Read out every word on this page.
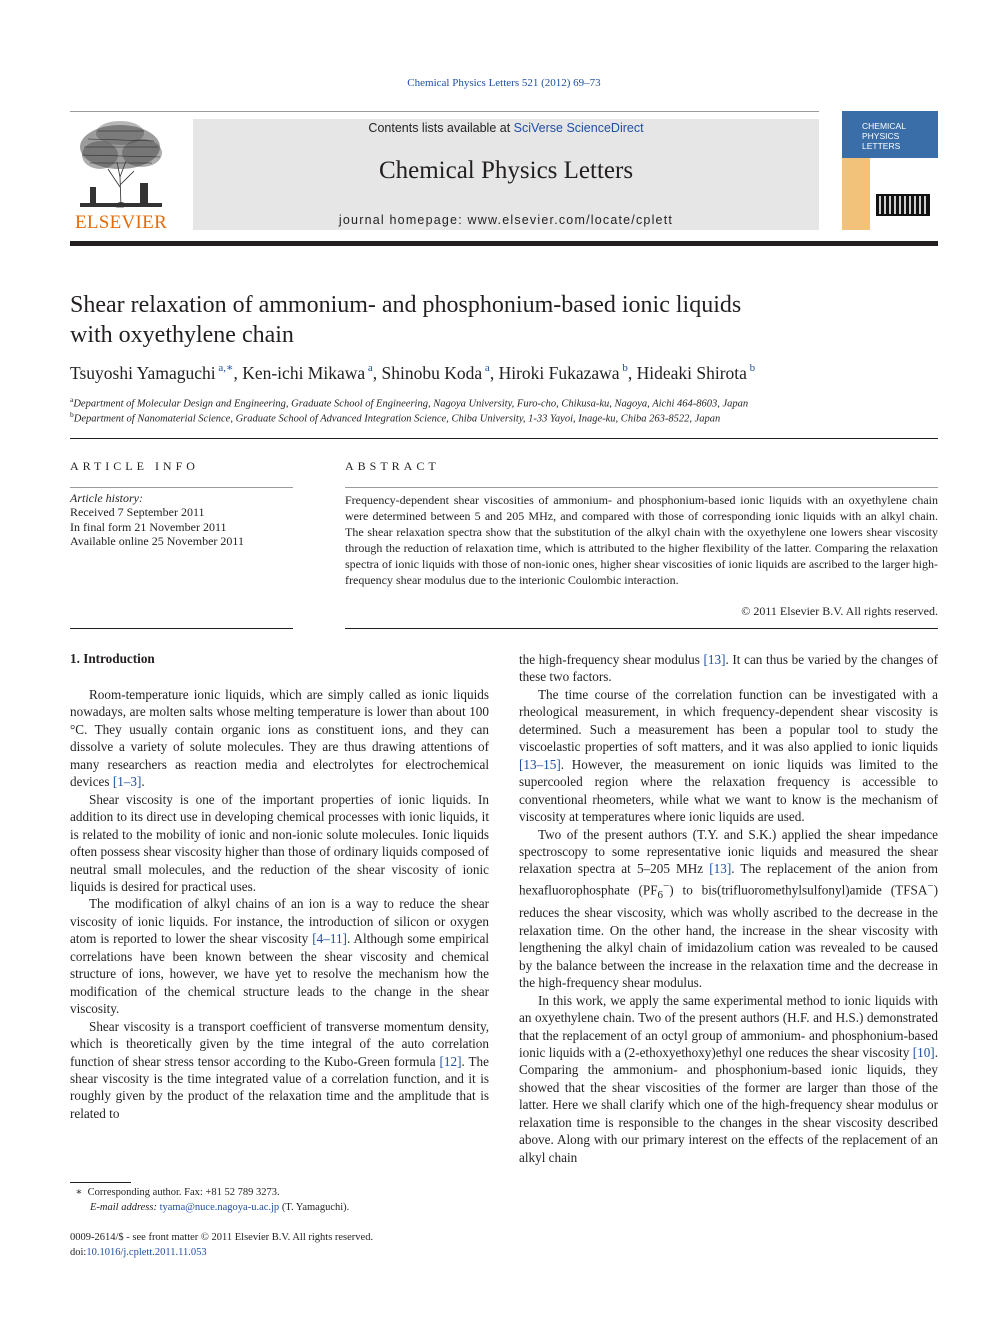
Chemical Physics Letters 521 (2012) 69–73
ELSEVIER
Contents lists available at SciVerse ScienceDirect
Chemical Physics Letters
journal homepage: www.elsevier.com/locate/cplett
CHEMICAL
PHYSICS
LETTERS
Shear relaxation of ammonium- and phosphonium-based ionic liquids
with oxyethylene chain
Tsuyoshi Yamaguchi $^{a,∗}$, Ken-ichi Mikawa $^a$, Shinobu Koda $^a$, Hiroki Fukazawa $^b$, Hideaki Shirota $^b$
$^a$Department of Molecular Design and Engineering, Graduate School of Engineering, Nagoya University, Furo-cho, Chikusa-ku, Nagoya, Aichi 464-8603, Japan
$^b$Department of Nanomaterial Science, Graduate School of Advanced Integration Science, Chiba University, 1-33 Yayoi, Inage-ku, Chiba 263-8522, Japan
ARTICLE INFO
Article history:
Received 7 September 2011
In final form 21 November 2011
Available online 25 November 2011
ABSTRACT
Frequency-dependent shear viscosities of ammonium- and phosphonium-based ionic liquids with an oxyethylene chain were determined between 5 and 205 MHz, and compared with those of corresponding ionic liquids with an alkyl chain. The shear relaxation spectra show that the substitution of the alkyl chain with the oxyethylene one lowers shear viscosity through the reduction of relaxation time, which is attributed to the higher flexibility of the latter. Comparing the relaxation spectra of ionic liquids with those of non-ionic ones, higher shear viscosities of ionic liquids are ascribed to the larger high-frequency shear modulus due to the interionic Coulombic interaction.
© 2011 Elsevier B.V. All rights reserved.
1. Introduction

Room-temperature ionic liquids, which are simply called as ionic liquids nowadays, are molten salts whose melting temperature is lower than about 100 °C. They usually contain organic ions as constituent ions, and they can dissolve a variety of solute molecules. They are thus drawing attentions of many researchers as reaction media and electrolytes for electrochemical devices [1–3].

Shear viscosity is one of the important properties of ionic liquids. In addition to its direct use in developing chemical processes with ionic liquids, it is related to the mobility of ionic and non-ionic solute molecules. Ionic liquids often possess shear viscosity higher than those of ordinary liquids composed of neutral small molecules, and the reduction of the shear viscosity of ionic liquids is desired for practical uses.

The modification of alkyl chains of an ion is a way to reduce the shear viscosity of ionic liquids. For instance, the introduction of silicon or oxygen atom is reported to lower the shear viscosity [4–11]. Although some empirical correlations have been known between the shear viscosity and chemical structure of ions, however, we have yet to resolve the mechanism how the modification of the chemical structure leads to the change in the shear viscosity.

Shear viscosity is a transport coefficient of transverse momentum density, which is theoretically given by the time integral of the auto correlation function of shear stress tensor according to the Kubo-Green formula [12]. The shear viscosity is the time integrated value of a correlation function, and it is roughly given by the product of the relaxation time and the amplitude that is related to

the high-frequency shear modulus [13]. It can thus be varied by the changes of these two factors.

The time course of the correlation function can be investigated with a rheological measurement, in which frequency-dependent shear viscosity is determined. Such a measurement has been a popular tool to study the viscoelastic properties of soft matters, and it was also applied to ionic liquids [13–15]. However, the measurement on ionic liquids was limited to the supercooled region where the relaxation frequency is accessible to conventional rheometers, while what we want to know is the mechanism of viscosity at temperatures where ionic liquids are used.

Two of the present authors (T.Y. and S.K.) applied the shear impedance spectroscopy to some representative ionic liquids and measured the shear relaxation spectra at 5–205 MHz [13]. The replacement of the anion from hexafluorophosphate $(PF_6^-)$ to bis(trifluoromethylsulfonyl)amide (TFSA−) reduces the shear viscosity, which was wholly ascribed to the decrease in the relaxation time. On the other hand, the increase in the shear viscosity with lengthening the alkyl chain of imidazolium cation was revealed to be caused by the balance between the increase in the relaxation time and the decrease in the high-frequency shear modulus.

In this work, we apply the same experimental method to ionic liquids with an oxyethylene chain. Two of the present authors (H.F. and H.S.) demonstrated that the replacement of an octyl group of ammonium- and phosphonium-based ionic liquids with a (2-ethoxyethoxy)ethyl one reduces the shear viscosity [10]. Comparing the ammonium- and phosphonium-based ionic liquids, they showed that the shear viscosities of the former are larger than those of the latter. Here we shall clarify which one of the high-frequency shear modulus or relaxation time is responsible to the changes in the shear viscosity described above. Along with our primary interest on the effects of the replacement of an alkyl chain

∗ Corresponding author. Fax: +81 52 789 3273.
E-mail address: tyama@nuce.nagoya-u.ac.jp (T. Yamaguchi).
0009-2614/$ - see front matter © 2011 Elsevier B.V. All rights reserved.
doi:10.1016/j.cplett.2011.11.053
